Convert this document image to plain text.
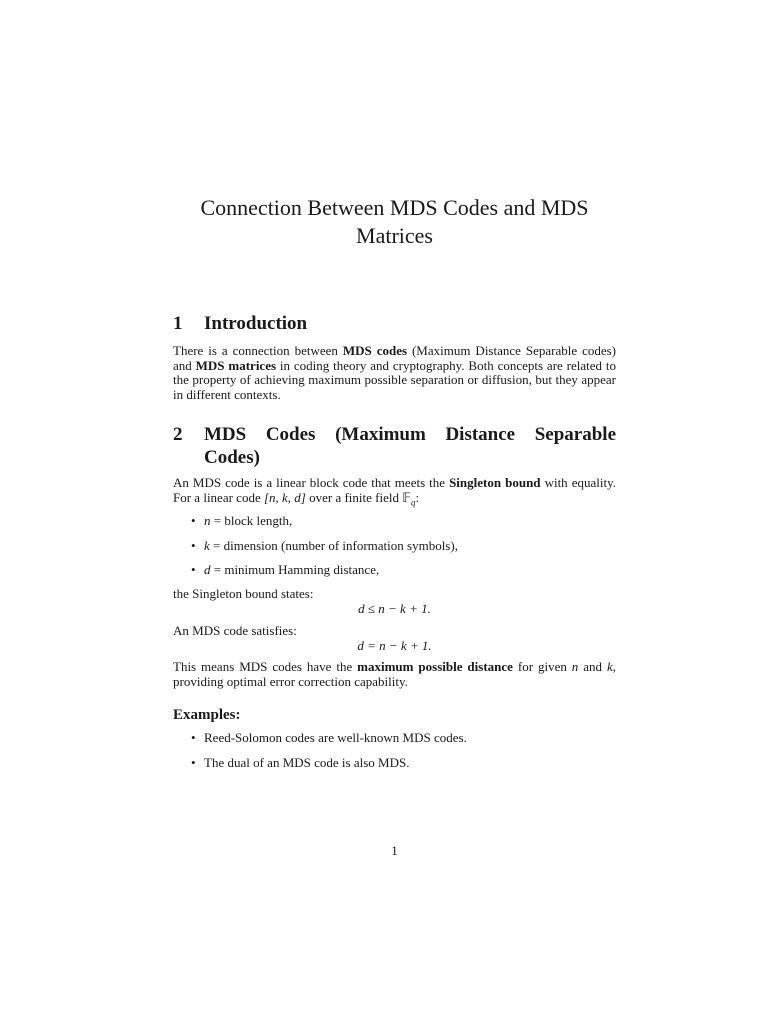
Connection Between MDS Codes and MDS Matrices
1	Introduction
There is a connection between MDS codes (Maximum Distance Separable codes) and MDS matrices in coding theory and cryptography. Both concepts are related to the property of achieving maximum possible separation or diffusion, but they appear in different contexts.
2	MDS Codes (Maximum Distance Separable Codes)
An MDS code is a linear block code that meets the Singleton bound with equality. For a linear code [n, k, d] over a finite field 𝔽$_q$:
• n = block length,
• k = dimension (number of information symbols),
• d = minimum Hamming distance,
the Singleton bound states:
d ≤ n − k + 1.
An MDS code satisfies:
d = n − k + 1.
This means MDS codes have the maximum possible distance for given n and k, providing optimal error correction capability.
Examples:
• Reed-Solomon codes are well-known MDS codes.
• The dual of an MDS code is also MDS.
1
